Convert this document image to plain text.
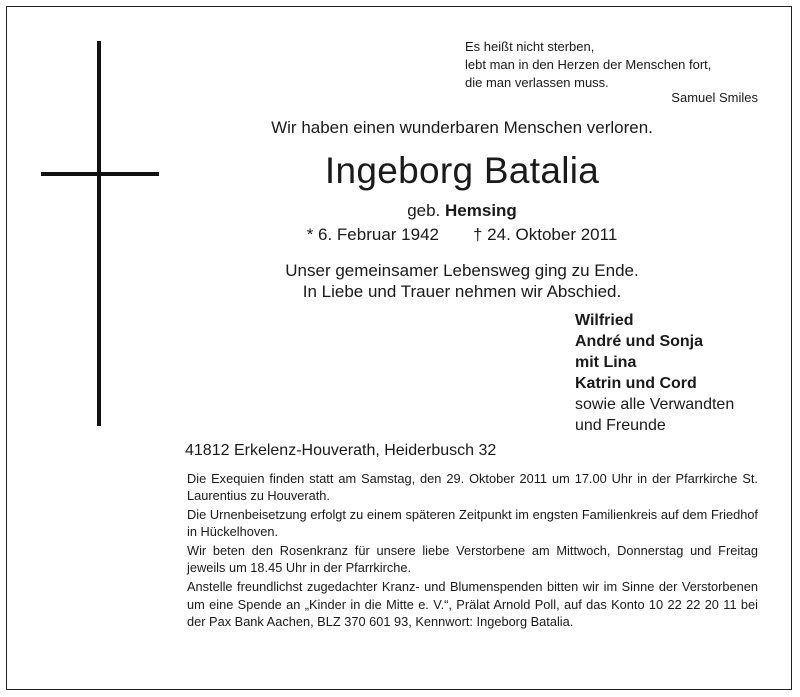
Es heißt nicht sterben,
lebt man in den Herzen der Menschen fort,
die man verlassen muss.
Samuel Smiles
Wir haben einen wunderbaren Menschen verloren.
Ingeborg Batalia
geb. Hemsing
* 6. Februar 1942 † 24. Oktober 2011
Unser gemeinsamer Lebensweg ging zu Ende.
In Liebe und Trauer nehmen wir Abschied.
Wilfried
André und Sonja
mit Lina
Katrin und Cord
sowie alle Verwandten
und Freunde
41812 Erkelenz-Houverath, Heiderbusch 32

Die Exequien finden statt am Samstag, den 29. Oktober 2011 um 17.00 Uhr in der Pfarrkirche St. Laurentius zu Houverath.

Die Urnenbeisetzung erfolgt zu einem späteren Zeitpunkt im engsten Familienkreis auf dem Friedhof in Hückelhoven.

Wir beten den Rosenkranz für unsere liebe Verstorbene am Mittwoch, Donnerstag und Freitag jeweils um 18.45 Uhr in der Pfarrkirche.

Anstelle freundlichst zugedachter Kranz- und Blumenspenden bitten wir im Sinne der Verstorbenen um eine Spende an „Kinder in die Mitte e. V.“, Prälat Arnold Poll, auf das Konto 10 22 22 20 11 bei der Pax Bank Aachen, BLZ 370 601 93, Kennwort: Ingeborg Batalia.
